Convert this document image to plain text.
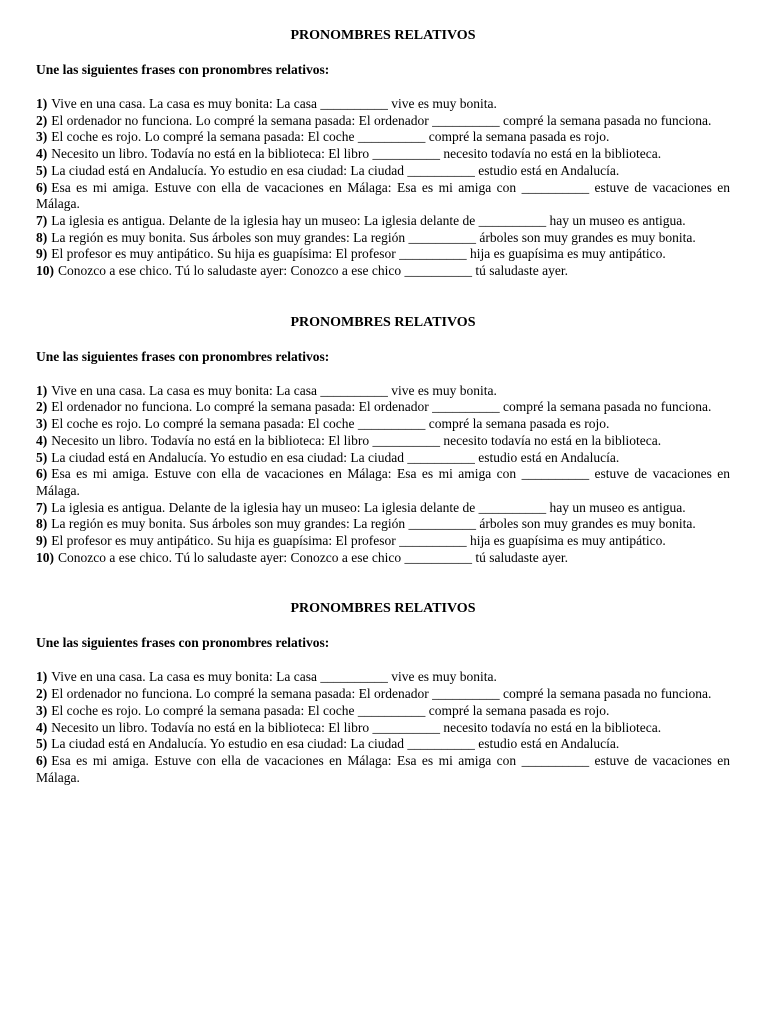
PRONOMBRES RELATIVOS
Une las siguientes frases con pronombres relativos:
1) Vive en una casa. La casa es muy bonita: La casa __________ vive es muy bonita.
2) El ordenador no funciona. Lo compré la semana pasada: El ordenador __________ compré la semana pasada no funciona.
3) El coche es rojo. Lo compré la semana pasada: El coche __________ compré la semana pasada es rojo.
4) Necesito un libro. Todavía no está en la biblioteca: El libro __________ necesito todavía no está en la biblioteca.
5) La ciudad está en Andalucía. Yo estudio en esa ciudad: La ciudad __________ estudio está en Andalucía.
6) Esa es mi amiga. Estuve con ella de vacaciones en Málaga: Esa es mi amiga con __________ estuve de vacaciones en Málaga.
7) La iglesia es antigua. Delante de la iglesia hay un museo: La iglesia delante de __________ hay un museo es antigua.
8) La región es muy bonita. Sus árboles son muy grandes: La región __________ árboles son muy grandes es muy bonita.
9) El profesor es muy antipático. Su hija es guapísima: El profesor __________ hija es guapísima es muy antipático.
10) Conozco a ese chico. Tú lo saludaste ayer: Conozco a ese chico __________ tú saludaste ayer.
PRONOMBRES RELATIVOS
Une las siguientes frases con pronombres relativos:
1) Vive en una casa. La casa es muy bonita: La casa __________ vive es muy bonita.
2) El ordenador no funciona. Lo compré la semana pasada: El ordenador __________ compré la semana pasada no funciona.
3) El coche es rojo. Lo compré la semana pasada: El coche __________ compré la semana pasada es rojo.
4) Necesito un libro. Todavía no está en la biblioteca: El libro __________ necesito todavía no está en la biblioteca.
5) La ciudad está en Andalucía. Yo estudio en esa ciudad: La ciudad __________ estudio está en Andalucía.
6) Esa es mi amiga. Estuve con ella de vacaciones en Málaga: Esa es mi amiga con __________ estuve de vacaciones en Málaga.
7) La iglesia es antigua. Delante de la iglesia hay un museo: La iglesia delante de __________ hay un museo es antigua.
8) La región es muy bonita. Sus árboles son muy grandes: La región __________ árboles son muy grandes es muy bonita.
9) El profesor es muy antipático. Su hija es guapísima: El profesor __________ hija es guapísima es muy antipático.
10) Conozco a ese chico. Tú lo saludaste ayer: Conozco a ese chico __________ tú saludaste ayer.
PRONOMBRES RELATIVOS
Une las siguientes frases con pronombres relativos:
1) Vive en una casa. La casa es muy bonita: La casa __________ vive es muy bonita.
2) El ordenador no funciona. Lo compré la semana pasada: El ordenador __________ compré la semana pasada no funciona.
3) El coche es rojo. Lo compré la semana pasada: El coche __________ compré la semana pasada es rojo.
4) Necesito un libro. Todavía no está en la biblioteca: El libro __________ necesito todavía no está en la biblioteca.
5) La ciudad está en Andalucía. Yo estudio en esa ciudad: La ciudad __________ estudio está en Andalucía.
6) Esa es mi amiga. Estuve con ella de vacaciones en Málaga: Esa es mi amiga con __________ estuve de vacaciones en Málaga.
